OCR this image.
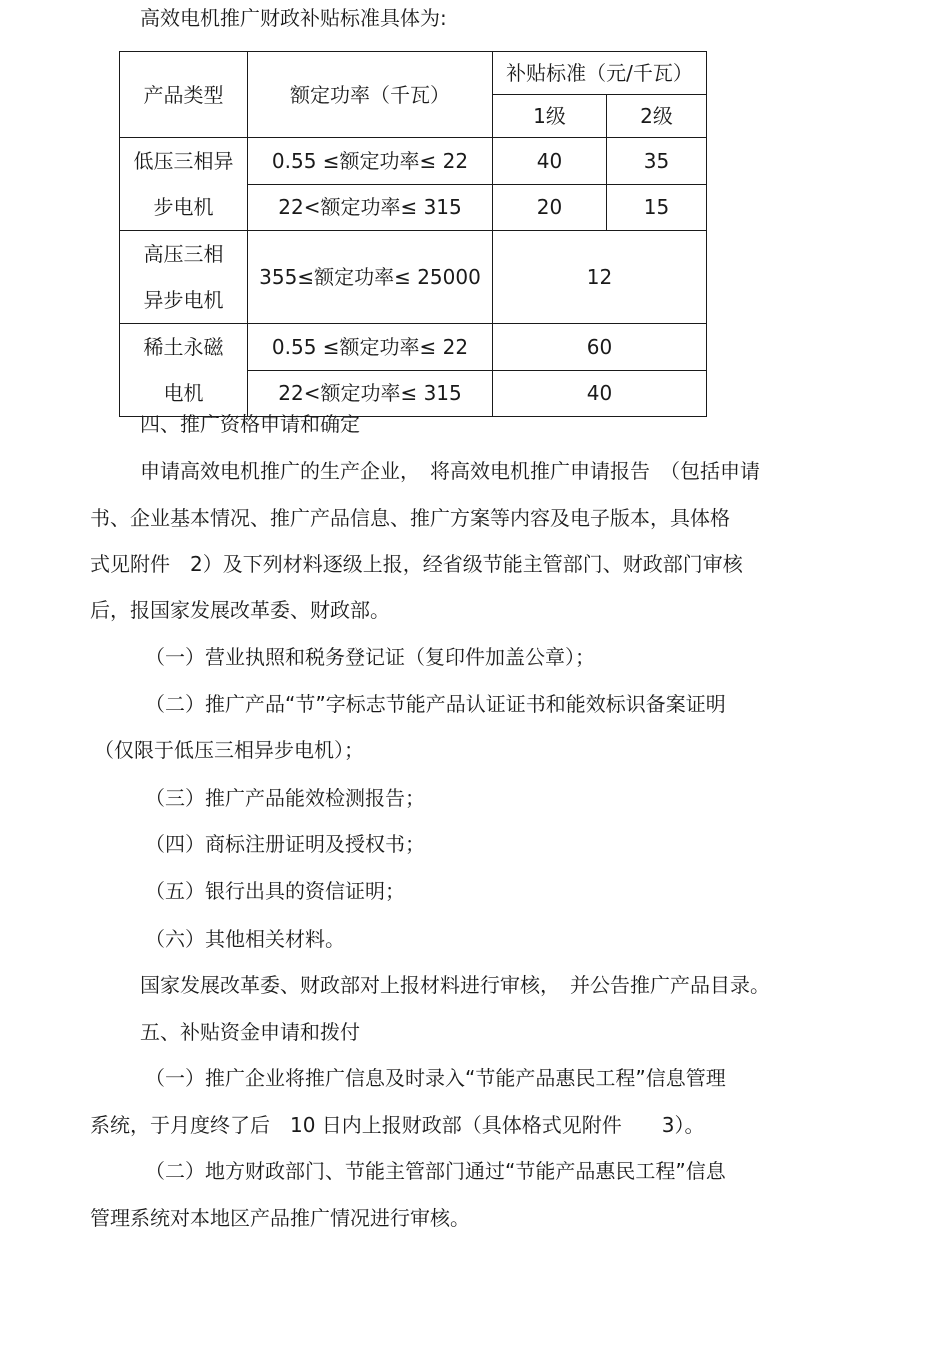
高效电机推广财政补贴标准具体为:
产品类型	额定功率（千瓦）	补贴标准（元/千瓦）	
		1级	2级

低压三相异
步电机	0.55 ≤额定功率≤ 22	40	35
	22<额定功率≤ 315	20	15

高压三相
异步电机	355≤额定功率≤ 25000	12	

稀土永磁
电机	0.55 ≤额定功率≤ 22	60	
	22<额定功率≤ 315	40	
四、推广资格申请和确定
申请高效电机推广的生产企业，　将高效电机推广申请报告　（包括申请
书、企业基本情况、推广产品信息、推广方案等内容及电子版本，具体格
式见附件　2）及下列材料逐级上报，经省级节能主管部门、财政部门审核
后，报国家发展改革委、财政部。
（一）营业执照和税务登记证（复印件加盖公章）；
（二）推广产品“节”字标志节能产品认证证书和能效标识备案证明
（仅限于低压三相异步电机）；
（三）推广产品能效检测报告；
（四）商标注册证明及授权书；
（五）银行出具的资信证明；
（六）其他相关材料。
国家发展改革委、财政部对上报材料进行审核，　并公告推广产品目录。
五、补贴资金申请和拨付
（一）推广企业将推广信息及时录入“节能产品惠民工程”信息管理
系统，于月度终了后　10 日内上报财政部（具体格式见附件　　3）。
（二）地方财政部门、节能主管部门通过“节能产品惠民工程”信息
管理系统对本地区产品推广情况进行审核。
